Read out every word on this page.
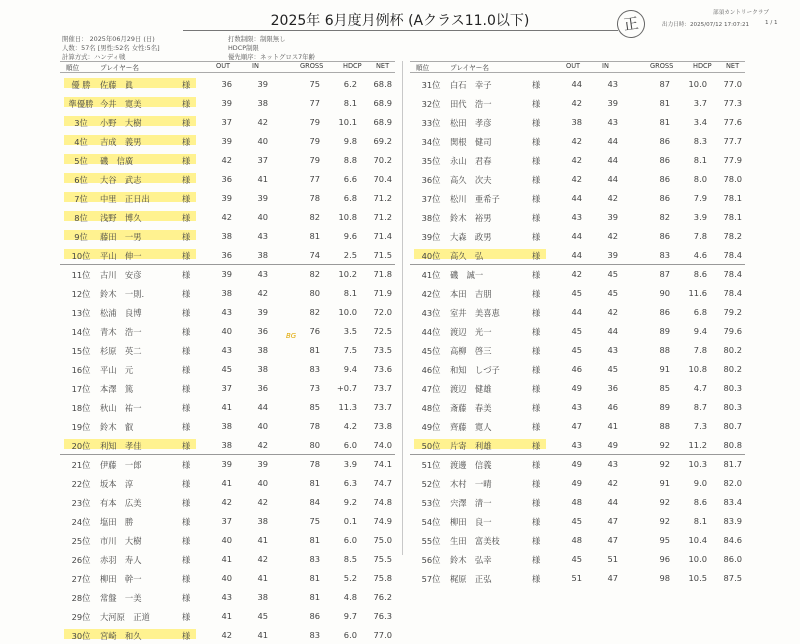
2025年 6月度月例杯 (Aクラス11.0以下)	正
部須カントリークラブ
出力日時：2025/07/12 17:07:21	1 / 1
開催日： 2025年06月29日 (日)
人数：57名 [男性:52名 女性:5名]
計算方式：ハンディ戦
打数制限：制限無し
HDCP制限
優先順序：ネットグロス7年齢
順位	プレイヤー名	OUT	IN	GROSS	HDCP NET	順位	プレイヤー名	OUT	IN	GROSS	HDCP NET
優 勝	佐藤　眞	様	36	39	75	6.2	68.8
準優勝 今井　寛美	様	39	38	77	8.1	68.9
3位	小野　大樹	様	37	42	79	10.1	68.9
4位	吉成　義男	様	39	40	79	9.8	69.2
5位	磯　信廣	様	42	37	79	8.8	70.2
6位	大谷　武志	様	36	41	77	6.6	70.4
7位	中里　正日出	様	39	39	78	6.8	71.2
8位	浅野　博久	様	42	40	82	10.8	71.2
9位	藤田　一男	様	38	43	81	9.6	71.4
10位	平山　伸一	様	36	38	74	2.5	71.5
11位	古川　安彦	様	39	43	82	10.2	71.8
12位	鈴木　一則.	様	38	42	80	8.1	71.9
13位	松浦　良博	様	43	39	82	10.0	72.0
14位	青木　浩一	様	40	36	76	3.5	72.5
15位	杉原　英二	様	43	38	81	7.5	73.5
16位	平山　元	様	45	38	83	9.4	73.6
17位	本澤　篤	様	37	36	73 +0.7	73.7
18位	秋山　祐一	様	41	44	85	11.3	73.7
19位	鈴木　叡	様	38	40	78	4.2	73.8
20位	利知　孝佳	様	38	42	80	6.0	74.0
21位	伊藤　一郎	様	39	39	78	3.9	74.1
22位	坂本　淳	様	41	40	81	6.3	74.7
23位	有本　広美	様	42	42	84	9.2	74.8
24位	塩田　勝	様	37	38	75	0.1	74.9
25位	市川　大樹	様	40	41	81	6.0	75.0
26位	赤羽　寿人	様	41	42	83	8.5	75.5
27位	柳田　幹一	様	40	41	81	5.2	75.8
28位	常盤　一美	様	43	38	81	4.8	76.2
29位	大河原　正道	様	41	45	86	9.7	76.3
30位	宮崎　和久	様	42	41	83	6.0	77.0
31位	白石　幸子	様	44	43	87	10.0	77.0
32位	田代　浩一	様	42	39	81	3.7	77.3
33位	松田　孝彦	様	38	43	81	3.4	77.6
34位	関根　健司	様	42	44	86	8.3	77.7
35位	永山　君春	様	42	44	86	8.1	77.9
36位	高久　次夫	様	42	44	86	8.0	78.0
37位	松川　亜希子	様	44	42	86	7.9	78.1
38位	鈴木　裕男	様	43	39	82	3.9	78.1
39位	大森　政男	様	44	42	86	7.8	78.2
40位	高久　弘	様	44	39	83	4.6	78.4
41位	磯　誠一	様	42	45	87	8.6	78.4
42位	本田　吉朋	様	45	45	90	11.6	78.4
43位	室井　美喜恵	様	44	42	86	6.8	79.2
44位	渡辺　光一	様	45	44	89	9.4	79.6
45位	高柳　啓三	様	45	43	88	7.8	80.2
46位	和知　しづ子	様	46	45	91	10.8	80.2
47位	渡辺　健雄	様	49	36	85	4.7	80.3
48位	斎藤　春美	様	43	46	89	8.7	80.3
49位	齊藤　寛人	様	47	41	88	7.3	80.7
50位	片寄　利雄	様	43	49	92	11.2	80.8
51位	渡邊　信義	様	49	43	92	10.3	81.7
52位	木村　一晴	様	49	42	91	9.0	82.0
53位	宍澤　清一	様	48	44	92	8.6	83.4
54位	柳田　良一	様	45	47	92	8.1	83.9
55位	生田　富美枝	様	48	47	95	10.4	84.6
56位	鈴木　弘幸	様	45	51	96	10.0	86.0
57位	梶原　正弘	様	51	47	98	10.5	87.5
BG
